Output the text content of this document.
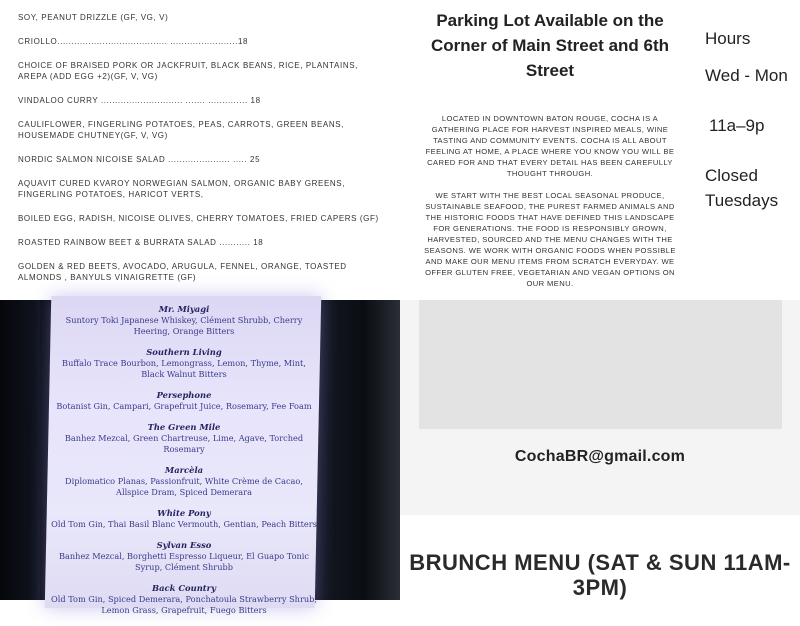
SOY, PEANUT DRIZZLE (GF, VG, V)

CRIOLLO....................................... ........................18

CHOICE OF BRAISED PORK OR JACKFRUIT, BLACK BEANS, RICE, PLANTAINS, AREPA (ADD EGG +2)(GF, V, VG)

VINDALOO CURRY ............................. ....... .............. 18

CAULIFLOWER, FINGERLING POTATOES, PEAS, CARROTS, GREEN BEANS, HOUSEMADE CHUTNEY(GF, V, VG)

NORDIC SALMON NICOISE SALAD ...................... ..... 25

AQUAVIT CURED KVAROY NORWEGIAN SALMON, ORGANIC BABY GREENS, FINGERLING POTATOES, HARICOT VERTS,

BOILED EGG, RADISH, NICOISE OLIVES, CHERRY TOMATOES, FRIED CAPERS (GF)

ROASTED RAINBOW BEET & BURRATA SALAD ........... 18

GOLDEN & RED BEETS, AVOCADO, ARUGULA, FENNEL, ORANGE, TOASTED ALMONDS , BANYULS VINAIGRETTE (GF)

Parking Lot Available on the Corner of Main Street and 6th Street

LOCATED IN DOWNTOWN BATON ROUGE, COCHA IS A GATHERING PLACE FOR HARVEST INSPIRED MEALS, WINE TASTING AND COMMUNITY EVENTS. COCHA IS ALL ABOUT FEELING AT HOME, A PLACE WHERE YOU KNOW YOU WILL BE CARED FOR AND THAT EVERY DETAIL HAS BEEN CAREFULLY THOUGHT THROUGH.

WE START WITH THE BEST LOCAL SEASONAL PRODUCE, SUSTAINABLE SEAFOOD, THE PUREST FARMED ANIMALS AND THE HISTORIC FOODS THAT HAVE DEFINED THIS LANDSCAPE FOR GENERATIONS. THE FOOD IS RESPONSIBLY GROWN, HARVESTED, SOURCED AND THE MENU CHANGES WITH THE SEASONS. WE WORK WITH ORGANIC FOODS WHEN POSSIBLE AND MAKE OUR MENU ITEMS FROM SCRATCH EVERYDAY. WE OFFER GLUTEN FREE, VEGETARIAN AND VEGAN OPTIONS ON OUR MENU.

Hours
Wed - Mon
11a–9p
Closed Tuesdays
Mr. Miyagi
Suntory Toki Japanese Whiskey, Clément Shrubb, Cherry Heering, Orange Bitters
Southern Living
Buffalo Trace Bourbon, Lemongrass, Lemon, Thyme, Mint, Black Walnut Bitters
Persephone
Botanist Gin, Campari, Grapefruit Juice, Rosemary, Fee Foam
The Green Mile
Banhez Mezcal, Green Chartreuse, Lime, Agave, Torched Rosemary
Marcèla
Diplomatico Planas, Passionfruit, White Crème de Cacao, Allspice Dram, Spiced Demerara
White Pony
Old Tom Gin, Thai Basil Blanc Vermouth, Gentian, Peach Bitters
Sylvan Esso
Banhez Mezcal, Borghetti Espresso Liqueur, El Guapo Tonic Syrup, Clément Shrubb
Back Country
Old Tom Gin, Spiced Demerara, Ponchatoula Strawberry Shrub, Lemon Grass, Grapefruit, Fuego Bitters
CochaBR@gmail.com
BRUNCH MENU (SAT & SUN 11AM-3PM)
